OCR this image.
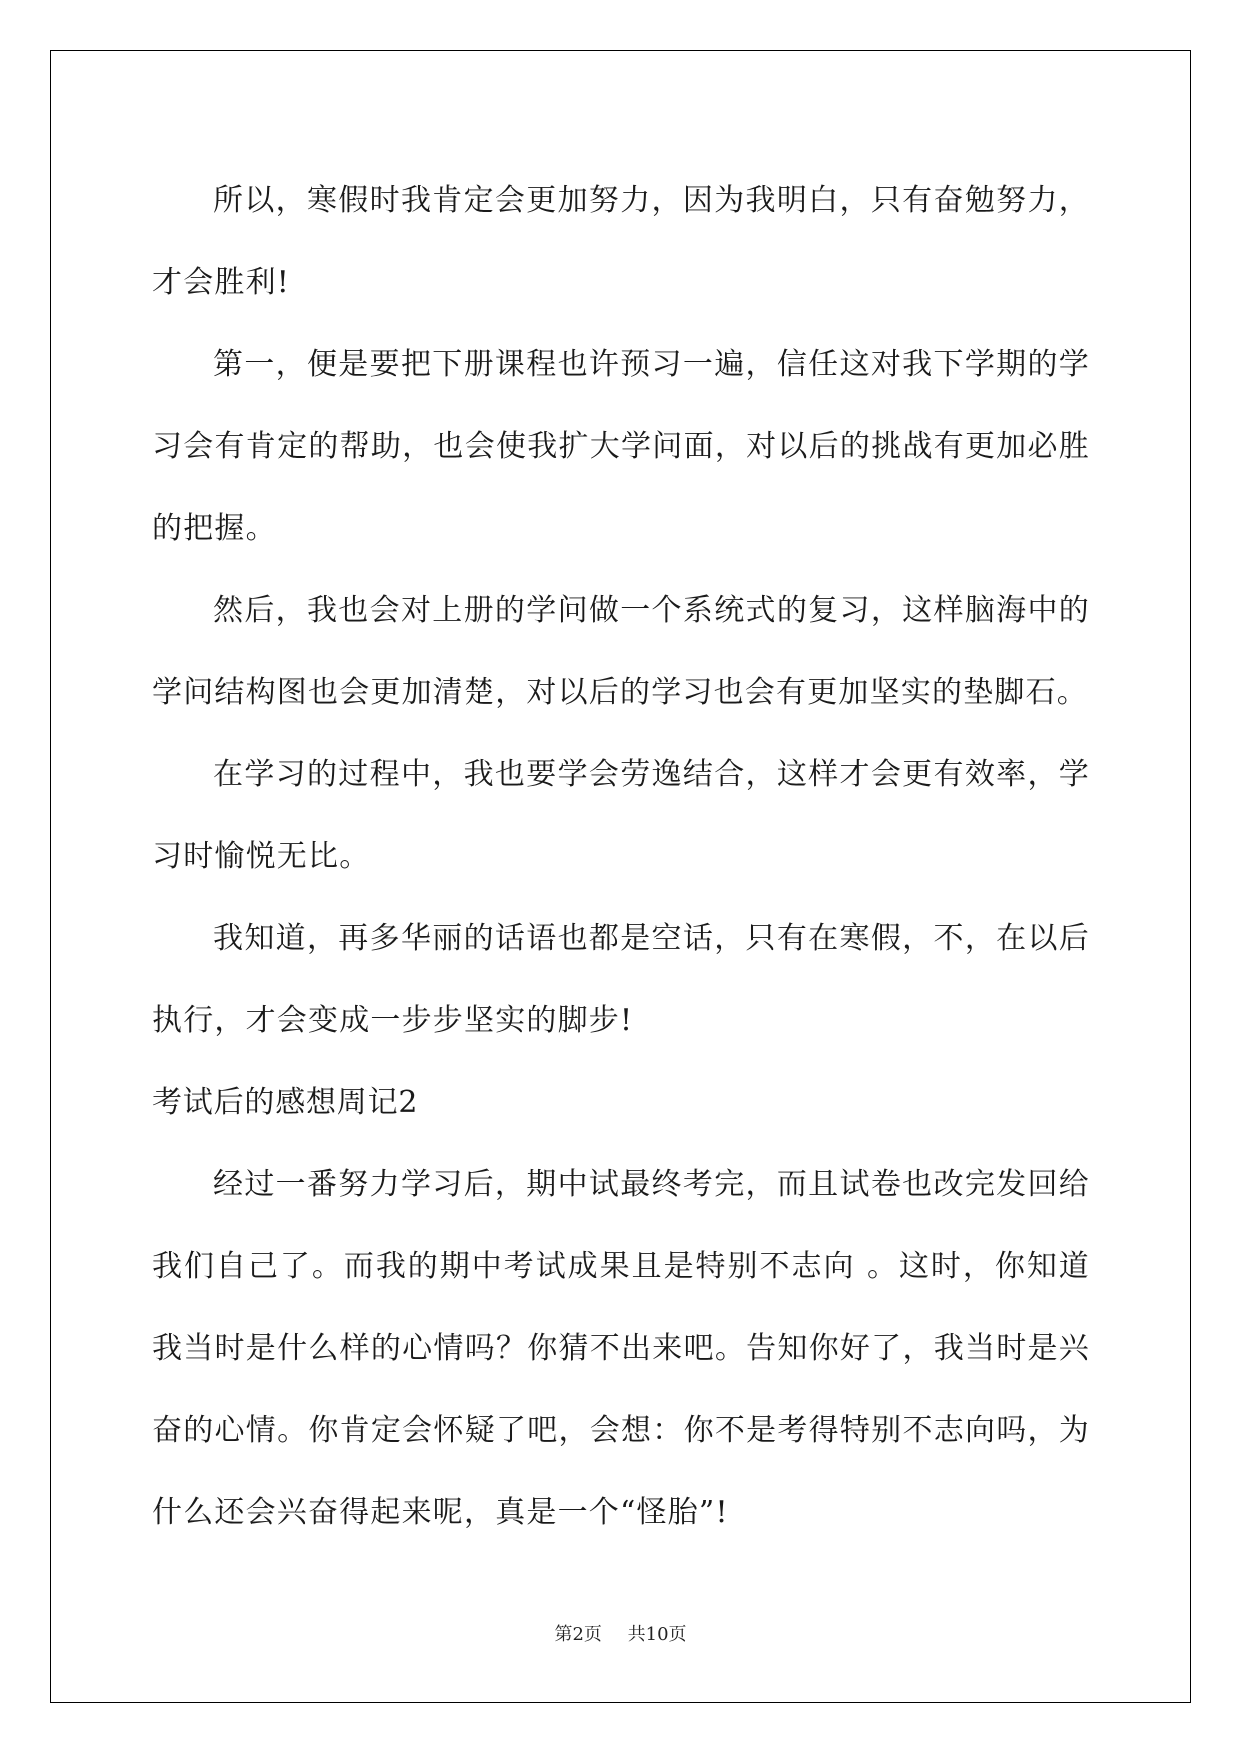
所以，寒假时我肯定会更加努力，因为我明白，只有奋勉努力，才会胜利!

第一，便是要把下册课程也许预习一遍，信任这对我下学期的学习会有肯定的帮助，也会使我扩大学问面，对以后的挑战有更加必胜的把握。

然后，我也会对上册的学问做一个系统式的复习，这样脑海中的学问结构图也会更加清楚，对以后的学习也会有更加坚实的垫脚石。

在学习的过程中，我也要学会劳逸结合，这样才会更有效率，学习时愉悦无比。

我知道，再多华丽的话语也都是空话，只有在寒假，不，在以后执行，才会变成一步步坚实的脚步!

考试后的感想周记2

经过一番努力学习后，期中试最终考完，而且试卷也改完发回给我们自己了。而我的期中考试成果且是特别不志向 。这时，你知道我当时是什么样的心情吗？你猜不出来吧。告知你好了，我当时是兴奋的心情。你肯定会怀疑了吧，会想：你不是考得特别不志向吗，为什么还会兴奋得起来呢，真是一个“怪胎”!

第2页 共10页
